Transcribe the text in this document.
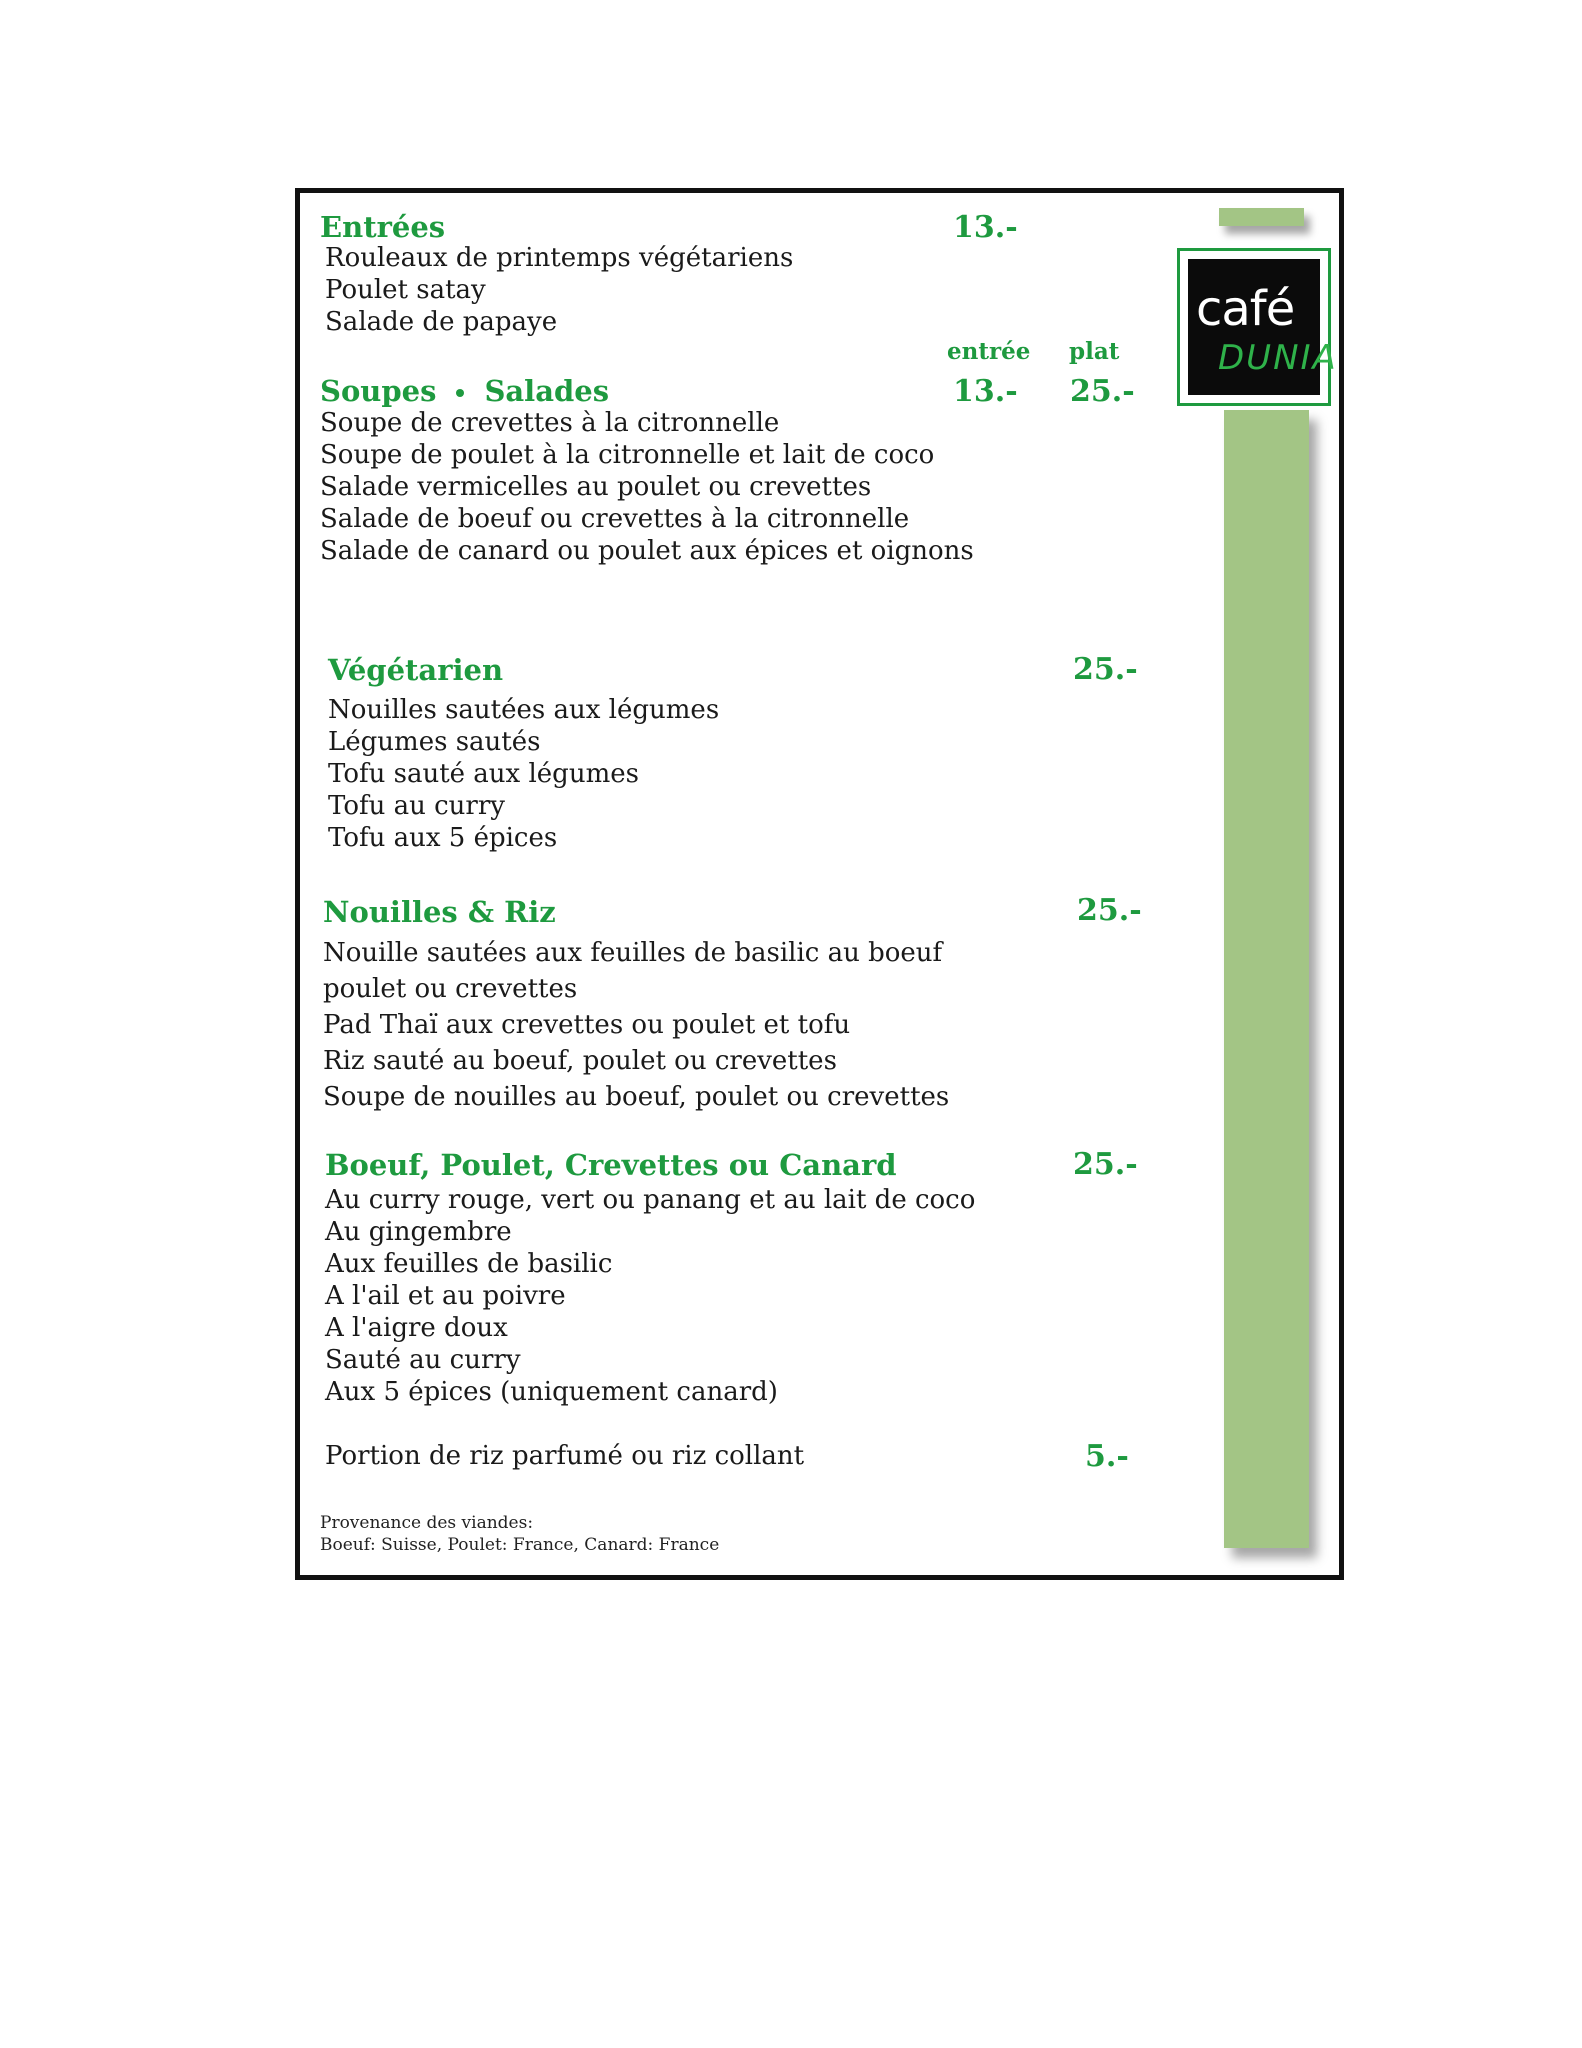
café
DUNIA
Entrées	13.-
Rouleaux de printemps végétariens
Poulet satay
Salade de papaye
entrée plat
Soupes Salades	13.- 25.-
Soupe de crevettes à la citronnelle
Soupe de poulet à la citronnelle et lait de coco
Salade vermicelles au poulet ou crevettes
Salade de boeuf ou crevettes à la citronnelle
Salade de canard ou poulet aux épices et oignons
Végétarien	25.-
Nouilles sautées aux légumes
Légumes sautés
Tofu sauté aux légumes
Tofu au curry
Tofu aux 5 épices
Nouilles & Riz	25.-
Nouille sautées aux feuilles de basilic au boeuf
poulet ou crevettes
Pad Thaï aux crevettes ou poulet et tofu
Riz sauté au boeuf, poulet ou crevettes
Soupe de nouilles au boeuf, poulet ou crevettes
Boeuf, Poulet, Crevettes ou Canard	25.-
Au curry rouge, vert ou panang et au lait de coco
Au gingembre
Aux feuilles de basilic
A l'ail et au poivre
A l'aigre doux
Sauté au curry
Aux 5 épices (uniquement canard)
Portion de riz parfumé ou riz collant	5.-
Provenance des viandes:
Boeuf: Suisse, Poulet: France, Canard: France
